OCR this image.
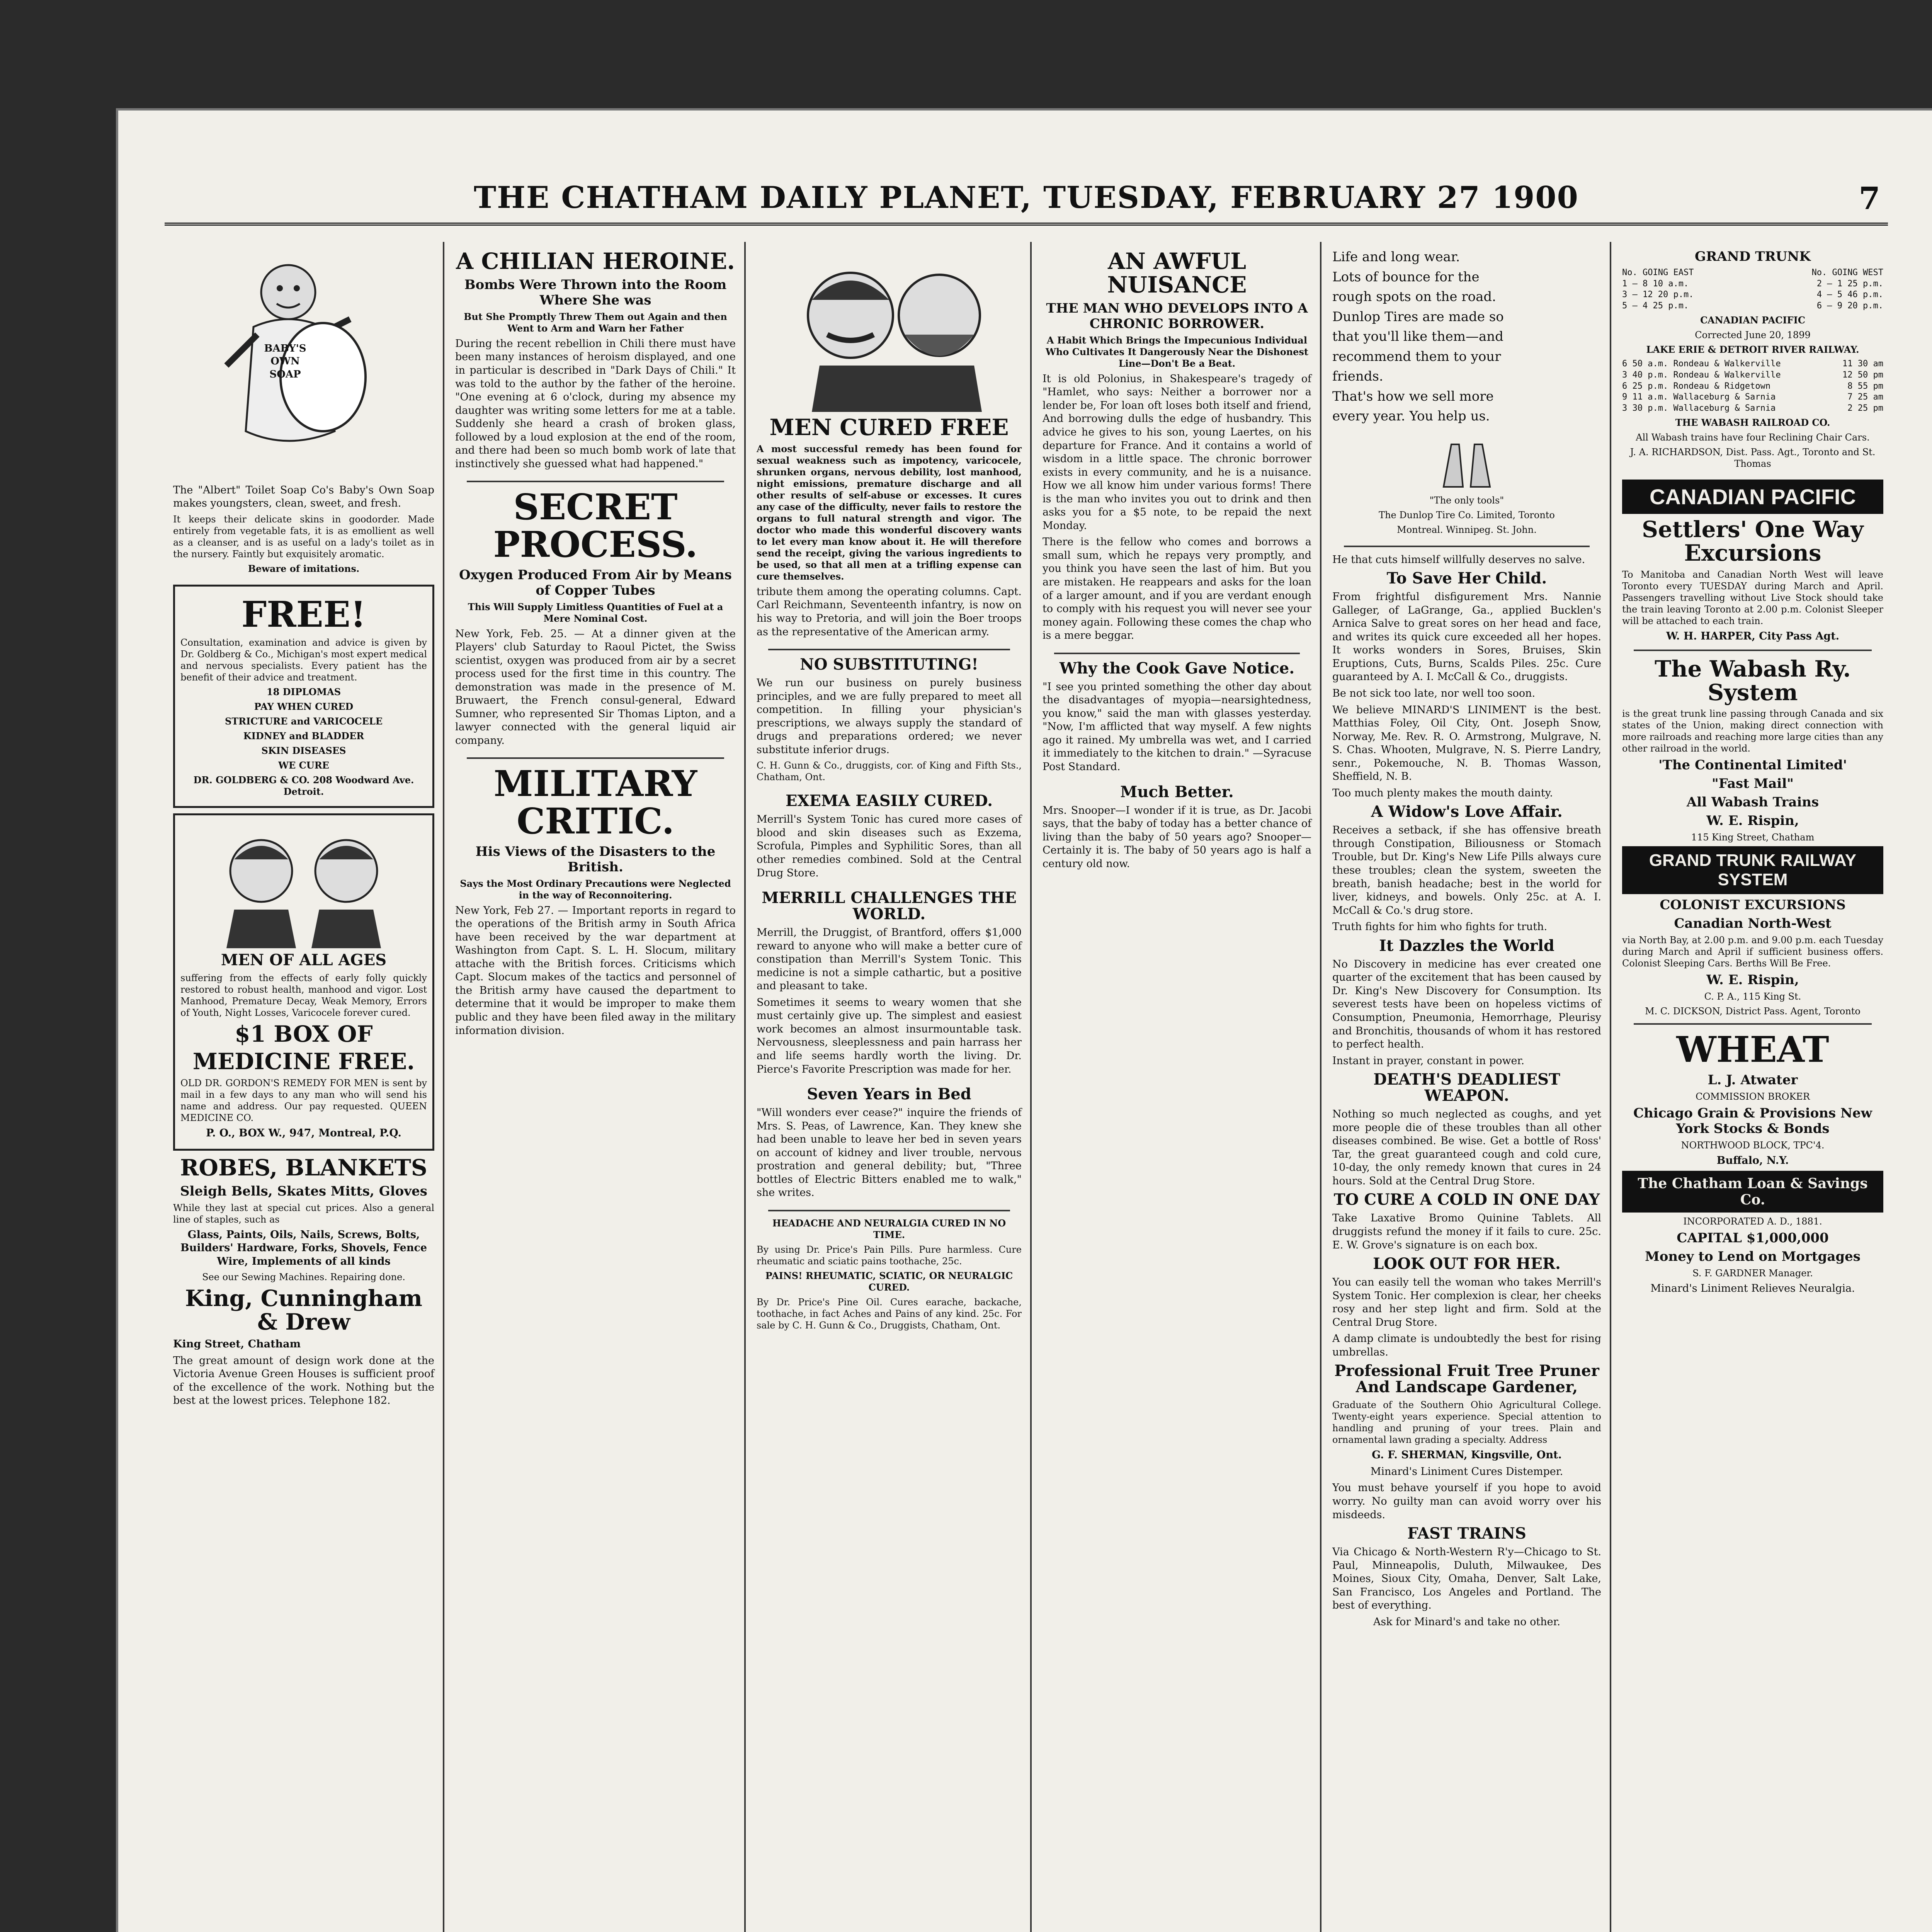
THE CHATHAM DAILY PLANET, TUESDAY, FEBRUARY 27 1900	7
BABY'S OWN SOAP
The "Albert" Toilet Soap Co's Baby's Own Soap makes youngsters, clean, sweet, and fresh.
It keeps their delicate skins in goodorder. Made entirely from vegetable fats, it is as emollient as well as a cleanser, and is as useful on a lady's toilet as in the nursery. Faintly but exquisitely aromatic.
Beware of imitations.
FREE!
Consultation, examination and advice is given by Dr. Goldberg & Co., Michigan's most expert medical and nervous specialists. Every patient has the benefit of their advice and treatment.
18 DIPLOMAS
PAY WHEN CURED
STRICTURE and VARICOCELE
KIDNEY and BLADDER
SKIN DISEASES
WE CURE
DR. GOLDBERG & CO. 208 Woodward Ave. Detroit.
MEN OF ALL AGES
suffering from the effects of early folly quickly restored to robust health, manhood and vigor. Lost Manhood, Premature Decay, Weak Memory, Errors of Youth, Night Losses, Varicocele forever cured.
$1 BOX OF
MEDICINE FREE.
OLD DR. GORDON'S REMEDY FOR MEN is sent by mail in a few days to any man who will send his name and address. Our pay requested. QUEEN MEDICINE CO.
P. O., BOX W., 947, Montreal, P.Q.
ROBES, BLANKETS
Sleigh Bells, Skates Mitts, Gloves
While they last at special cut prices. Also a general line of staples, such as
Glass, Paints, Oils, Nails, Screws, Bolts, Builders' Hardware, Forks, Shovels, Fence Wire, Implements of all kinds
See our Sewing Machines. Repairing done.
King, Cunningham & Drew
King Street, Chatham
The great amount of design work done at the Victoria Avenue Green Houses is sufficient proof of the excellence of the work. Nothing but the best at the lowest prices. Telephone 182.
A CHILIAN HEROINE.
Bombs Were Thrown into the Room Where She was
But She Promptly Threw Them out Again and then Went to Arm and Warn her Father
During the recent rebellion in Chili there must have been many instances of heroism displayed, and one in particular is described in "Dark Days of Chili." It was told to the author by the father of the heroine. "One evening at 6 o'clock, during my absence my daughter was writing some letters for me at a table. Suddenly she heard a crash of broken glass, followed by a loud explosion at the end of the room, and there had been so much bomb work of late that instinctively she guessed what had happened."
SECRET PROCESS.
Oxygen Produced From Air by Means of Copper Tubes
This Will Supply Limitless Quantities of Fuel at a Mere Nominal Cost.
New York, Feb. 25. — At a dinner given at the Players' club Saturday to Raoul Pictet, the Swiss scientist, oxygen was produced from air by a secret process used for the first time in this country. The demonstration was made in the presence of M. Bruwaert, the French consul-general, Edward Sumner, who represented Sir Thomas Lipton, and a lawyer connected with the general liquid air company.
MILITARY CRITIC.
His Views of the Disasters to the British.
Says the Most Ordinary Precautions were Neglected in the way of Reconnoitering.
New York, Feb 27. — Important reports in regard to the operations of the British army in South Africa have been received by the war department at Washington from Capt. S. L. H. Slocum, military attache with the British forces. Criticisms which Capt. Slocum makes of the tactics and personnel of the British army have caused the department to determine that it would be improper to make them public and they have been filed away in the military information division.
MEN CURED FREE
A most successful remedy has been found for sexual weakness such as impotency, varicocele, shrunken organs, nervous debility, lost manhood, night emissions, premature discharge and all other results of self-abuse or excesses. It cures any case of the difficulty, never fails to restore the organs to full natural strength and vigor. The doctor who made this wonderful discovery wants to let every man know about it. He will therefore send the receipt, giving the various ingredients to be used, so that all men at a trifling expense can cure themselves.
tribute them among the operating columns. Capt. Carl Reichmann, Seventeenth infantry, is now on his way to Pretoria, and will join the Boer troops as the representative of the American army.
NO SUBSTITUTING!
We run our business on purely business principles, and we are fully prepared to meet all competition. In filling your physician's prescriptions, we always supply the standard of drugs and preparations ordered; we never substitute inferior drugs.
C. H. Gunn & Co., druggists, cor. of King and Fifth Sts., Chatham, Ont.
EXEMA EASILY CURED.
Merrill's System Tonic has cured more cases of blood and skin diseases such as Exzema, Scrofula, Pimples and Syphilitic Sores, than all other remedies combined. Sold at the Central Drug Store.
MERRILL CHALLENGES THE WORLD.
Merrill, the Druggist, of Brantford, offers $1,000 reward to anyone who will make a better cure of constipation than Merrill's System Tonic. This medicine is not a simple cathartic, but a positive and pleasant to take.
Sometimes it seems to weary women that she must certainly give up. The simplest and easiest work becomes an almost insurmountable task. Nervousness, sleeplessness and pain harrass her and life seems hardly worth the living. Dr. Pierce's Favorite Prescription was made for her.
Seven Years in Bed
"Will wonders ever cease?" inquire the friends of Mrs. S. Peas, of Lawrence, Kan. They knew she had been unable to leave her bed in seven years on account of kidney and liver trouble, nervous prostration and general debility; but, "Three bottles of Electric Bitters enabled me to walk," she writes.
HEADACHE AND NEURALGIA CURED IN NO TIME.
By using Dr. Price's Pain Pills. Pure harmless. Cure rheumatic and sciatic pains toothache, 25c.
PAINS! RHEUMATIC, SCIATIC, OR NEURALGIC CURED.
By Dr. Price's Pine Oil. Cures earache, backache, toothache, in fact Aches and Pains of any kind. 25c. For sale by C. H. Gunn & Co., Druggists, Chatham, Ont.
AN AWFUL NUISANCE
THE MAN WHO DEVELOPS INTO A CHRONIC BORROWER.
A Habit Which Brings the Impecunious Individual Who Cultivates It Dangerously Near the Dishonest Line—Don't Be a Beat.
It is old Polonius, in Shakespeare's tragedy of "Hamlet, who says: Neither a borrower nor a lender be, For loan oft loses both itself and friend, And borrowing dulls the edge of husbandry. This advice he gives to his son, young Laertes, on his departure for France. And it contains a world of wisdom in a little space. The chronic borrower exists in every community, and he is a nuisance. How we all know him under various forms! There is the man who invites you out to drink and then asks you for a $5 note, to be repaid the next Monday.
There is the fellow who comes and borrows a small sum, which he repays very promptly, and you think you have seen the last of him. But you are mistaken. He reappears and asks for the loan of a larger amount, and if you are verdant enough to comply with his request you will never see your money again. Following these comes the chap who is a mere beggar.
Why the Cook Gave Notice.
"I see you printed something the other day about the disadvantages of myopia—nearsightedness, you know," said the man with glasses yesterday. "Now, I'm afflicted that way myself. A few nights ago it rained. My umbrella was wet, and I carried it immediately to the kitchen to drain." —Syracuse Post Standard.
Much Better.
Mrs. Snooper—I wonder if it is true, as Dr. Jacobi says, that the baby of today has a better chance of living than the baby of 50 years ago? Snooper—Certainly it is. The baby of 50 years ago is half a century old now.
Life and long wear.
Lots of bounce for the
rough spots on the road.
Dunlop Tires are made so
that you'll like them—and
recommend them to your
friends.
That's how we sell more
every year. You help us.
"The only tools"
The Dunlop Tire Co. Limited, Toronto
Montreal. Winnipeg. St. John.
He that cuts himself willfully deserves no salve.
To Save Her Child.
From frightful disfigurement Mrs. Nannie Galleger, of LaGrange, Ga., applied Bucklen's Arnica Salve to great sores on her head and face, and writes its quick cure exceeded all her hopes. It works wonders in Sores, Bruises, Skin Eruptions, Cuts, Burns, Scalds Piles. 25c. Cure guaranteed by A. I. McCall & Co., druggists.
Be not sick too late, nor well too soon.
We believe MINARD'S LINIMENT is the best. Matthias Foley, Oil City, Ont. Joseph Snow, Norway, Me. Rev. R. O. Armstrong, Mulgrave, N. S. Chas. Whooten, Mulgrave, N. S. Pierre Landry, senr., Pokemouche, N. B. Thomas Wasson, Sheffield, N. B.
Too much plenty makes the mouth dainty.
A Widow's Love Affair.
Receives a setback, if she has offensive breath through Constipation, Biliousness or Stomach Trouble, but Dr. King's New Life Pills always cure these troubles; clean the system, sweeten the breath, banish headache; best in the world for liver, kidneys, and bowels. Only 25c. at A. I. McCall & Co.'s drug store.
Truth fights for him who fights for truth.
It Dazzles the World
No Discovery in medicine has ever created one quarter of the excitement that has been caused by Dr. King's New Discovery for Consumption. Its severest tests have been on hopeless victims of Consumption, Pneumonia, Hemorrhage, Pleurisy and Bronchitis, thousands of whom it has restored to perfect health.
Instant in prayer, constant in power.
DEATH'S DEADLIEST WEAPON.
Nothing so much neglected as coughs, and yet more people die of these troubles than all other diseases combined. Be wise. Get a bottle of Ross' Tar, the great guaranteed cough and cold cure, 10-day, the only remedy known that cures in 24 hours. Sold at the Central Drug Store.
TO CURE A COLD IN ONE DAY
Take Laxative Bromo Quinine Tablets. All druggists refund the money if it fails to cure. 25c. E. W. Grove's signature is on each box.
LOOK OUT FOR HER.
You can easily tell the woman who takes Merrill's System Tonic. Her complexion is clear, her cheeks rosy and her step light and firm. Sold at the Central Drug Store.
A damp climate is undoubtedly the best for rising umbrellas.
Professional Fruit Tree Pruner And Landscape Gardener,
Graduate of the Southern Ohio Agricultural College. Twenty-eight years experience. Special attention to handling and pruning of your trees. Plain and ornamental lawn grading a specialty. Address
G. F. SHERMAN, Kingsville, Ont.
Minard's Liniment Cures Distemper.
You must behave yourself if you hope to avoid worry. No guilty man can avoid worry over his misdeeds.
FAST TRAINS
Via Chicago & North-Western R'y—Chicago to St. Paul, Minneapolis, Duluth, Milwaukee, Des Moines, Sioux City, Omaha, Denver, Salt Lake, San Francisco, Los Angeles and Portland. The best of everything.
Ask for Minard's and take no other.
GRAND TRUNK
No. GOING EAST	No. GOING WEST
1 — 8 10 a.m.	2 — 1 25 p.m.
3 — 12 20 p.m.	4 — 5 46 p.m.
5 — 4 25 p.m.	6 — 9 20 p.m.
CANADIAN PACIFIC
Corrected June 20, 1899
LAKE ERIE & DETROIT RIVER RAILWAY.
6 50 a.m. Rondeau & Walkerville	11 30 am
3 40 p.m. Rondeau & Walkerville	12 50 pm
6 25 p.m. Rondeau & Ridgetown	8 55 pm
9 11 a.m. Wallaceburg & Sarnia	7 25 am
3 30 p.m. Wallaceburg & Sarnia	2 25 pm
THE WABASH RAILROAD CO.
All Wabash trains have four Reclining Chair Cars.
J. A. RICHARDSON, Dist. Pass. Agt., Toronto and St. Thomas
CANADIAN PACIFIC
Settlers' One Way Excursions
To Manitoba and Canadian North West will leave Toronto every TUESDAY during March and April. Passengers travelling without Live Stock should take the train leaving Toronto at 2.00 p.m. Colonist Sleeper will be attached to each train.
W. H. HARPER, City Pass Agt.
The Wabash Ry. System
is the great trunk line passing through Canada and six states of the Union, making direct connection with more railroads and reaching more large cities than any other railroad in the world.
'The Continental Limited'
"Fast Mail"
All Wabash Trains
W. E. Rispin,
115 King Street, Chatham
GRAND TRUNK RAILWAY SYSTEM
COLONIST EXCURSIONS
Canadian North-West
via North Bay, at 2.00 p.m. and 9.00 p.m. each Tuesday during March and April if sufficient business offers. Colonist Sleeping Cars. Berths Will Be Free.
W. E. Rispin,
C. P. A., 115 King St.
M. C. DICKSON, District Pass. Agent, Toronto
WHEAT
L. J. Atwater
COMMISSION BROKER
Chicago Grain & Provisions New York Stocks & Bonds
NORTHWOOD BLOCK, TPC'4.
Buffalo, N.Y.
The Chatham Loan & Savings Co.
INCORPORATED A. D., 1881.
CAPITAL $1,000,000
Money to Lend on Mortgages
S. F. GARDNER Manager.
Minard's Liniment Relieves Neuralgia.
